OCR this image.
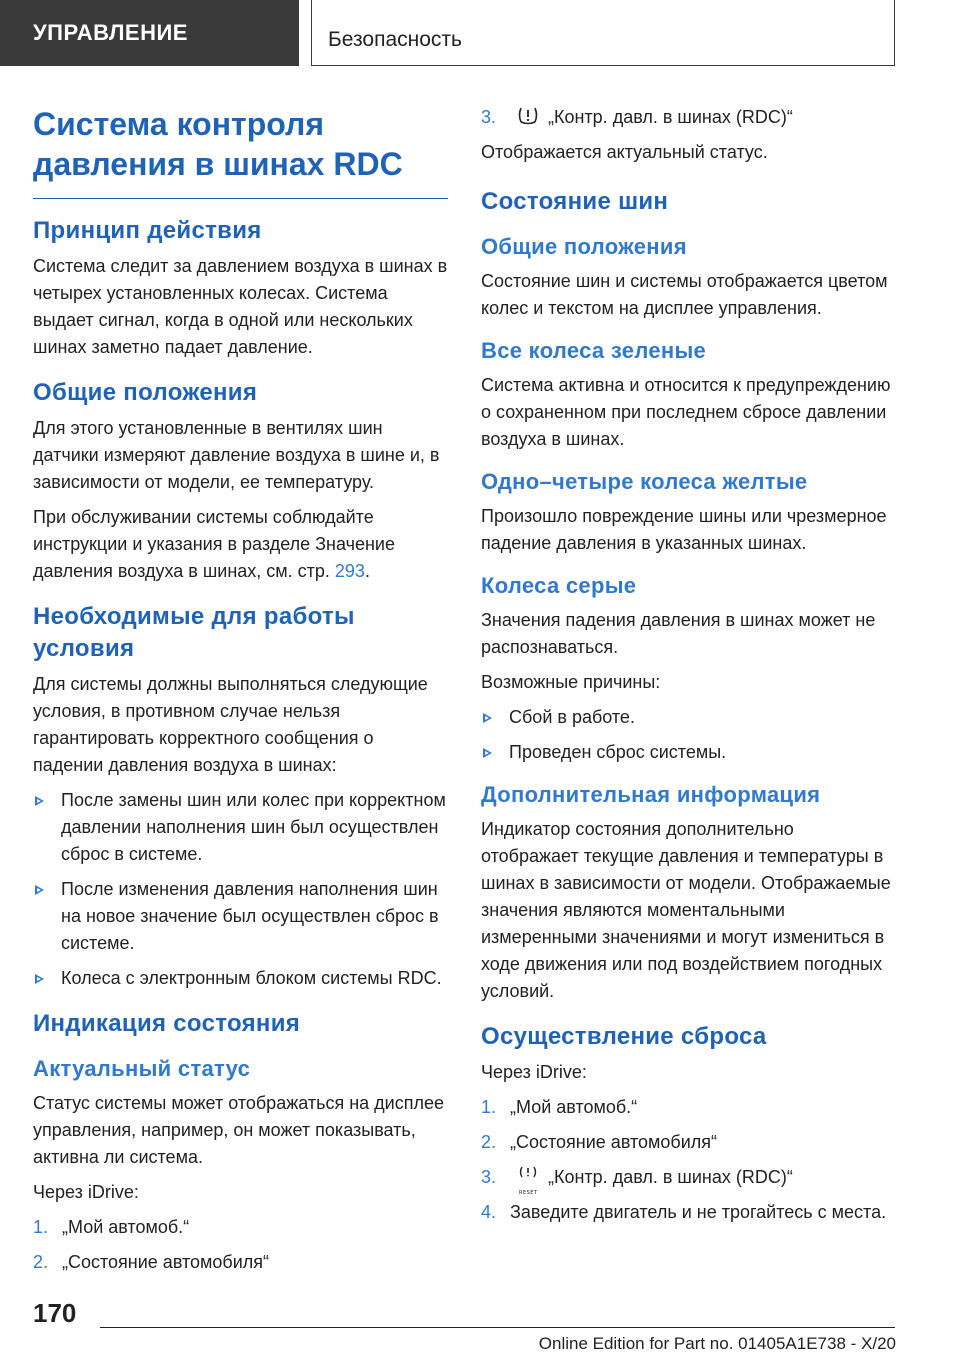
УПРАВЛЕНИЕ	Безопасность
Система контроля давления в шинах RDC
Принцип действия

Система следит за давлением воздуха в шинах в четырех установленных колесах. Система выдает сигнал, когда в одной или нескольких шинах заметно падает давление.

Общие положения

Для этого установленные в вентилях шин датчики измеряют давление воздуха в шине и, в зависимости от модели, ее температуру.

При обслуживании системы соблюдайте инструкции и указания в разделе Значение давления воздуха в шинах, см. стр. 293.

Необходимые для работы условия

Для системы должны выполняться следующие условия, в противном случае нельзя гарантировать корректного сообщения о падении давления воздуха в шинах:

После замены шин или колес при корректном давлении наполнения шин был осуществлен сброс в системе.
После изменения давления наполнения шин на новое значение был осуществлен сброс в системе.
Колеса с электронным блоком системы RDC.
Индикация состояния
Актуальный статус

Статус системы может отображаться на дисплее управления, например, он может показывать, активна ли система.

Через iDrive:

1. „Мой автомоб.“
2. „Состояние автомобиля“
3.	„Контр. давл. в шинах (RDC)“

Отображается актуальный статус.

Состояние шин
Общие положения

Состояние шин и системы отображается цветом колес и текстом на дисплее управления.

Все колеса зеленые

Система активна и относится к предупреждению о сохраненном при последнем сбросе давлении воздуха в шинах.

Одно–четыре колеса желтые

Произошло повреждение шины или чрезмерное падение давления в указанных шинах.

Колеса серые

Значения падения давления в шинах может не распознаваться.

Возможные причины:

Сбой в работе.
Проведен сброс системы.
Дополнительная информация

Индикатор состояния дополнительно отображает текущие давления и температуры в шинах в зависимости от модели. Отображаемые значения являются моментальными измеренными значениями и могут измениться в ходе движения или под воздействием погодных условий.

Осуществление сброса

Через iDrive:

1. „Мой автомоб.“
2. „Состояние автомобиля“
3.
RESET
„Контр. давл. в шинах (RDC)“
4. Заведите двигатель и не трогайтесь с места.
170
Online Edition for Part no. 01405A1E738 - X/20
